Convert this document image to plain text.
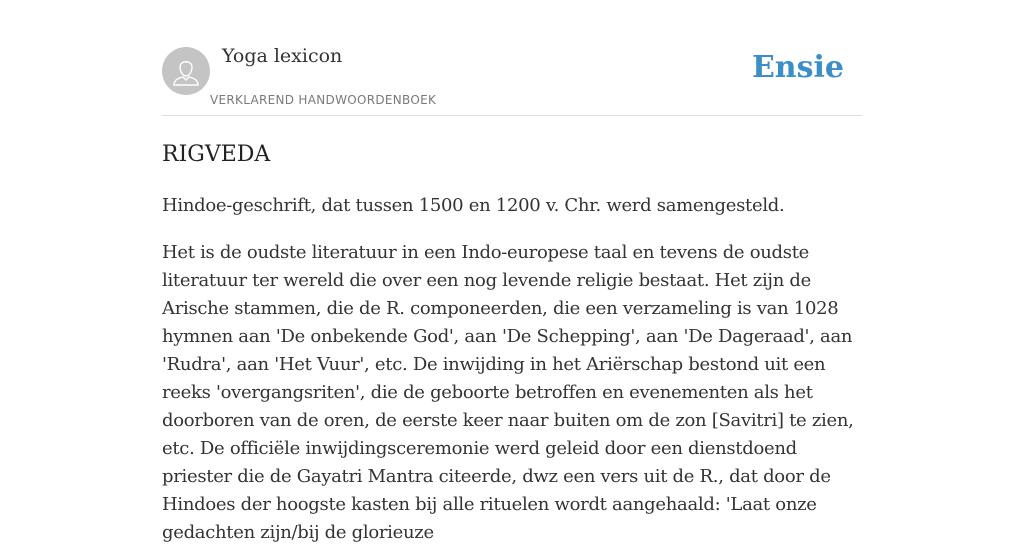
Yoga lexicon
VERKLAREND HANDWOORDENBOEK
Ensie
RIGVEDA

Hindoe-geschrift, dat tussen 1500 en 1200 v. Chr. werd samengesteld.

Het is de oudste literatuur in een Indo-europese taal en tevens de oudste literatuur ter wereld die over een nog levende religie bestaat. Het zijn de Arische stammen, die de R. componeerden, die een verzameling is van 1028 hymnen aan 'De onbekende God', aan 'De Schepping', aan 'De Dageraad', aan 'Rudra', aan 'Het Vuur', etc. De inwijding in het Ariërschap bestond uit een reeks 'overgangsriten', die de geboorte betroffen en evenementen als het doorboren van de oren, de eerste keer naar buiten om de zon [Savitri] te zien, etc. De officiële inwijdingsceremonie werd geleid door een dienstdoend priester die de Gayatri Mantra citeerde, dwz een vers uit de R., dat door de Hindoes der hoogste kasten bij alle rituelen wordt aangehaald: 'Laat onze gedachten zijn/bij de glorieuze
